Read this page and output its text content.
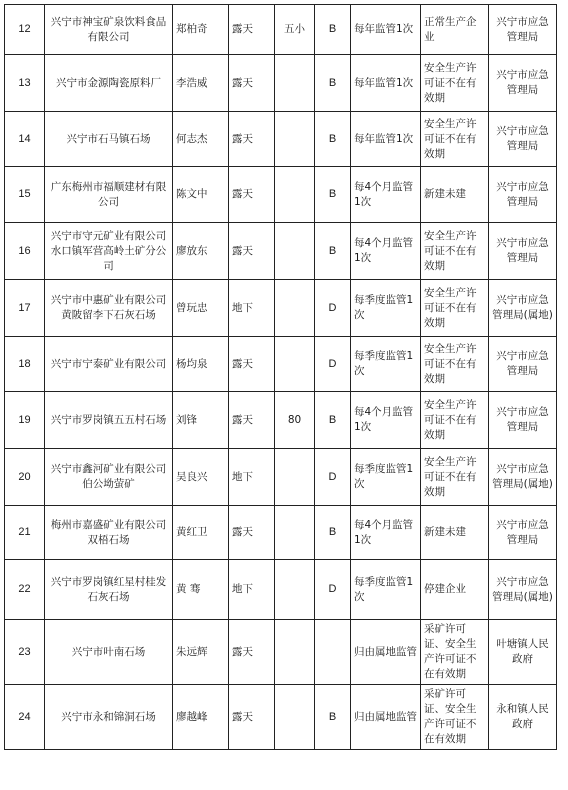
12	兴宁市神宝矿泉饮料食品有限公司	郑柏奇	露天	五小	B	每年监管1次	正常生产企业	兴宁市应急管理局
13	兴宁市金源陶瓷原料厂	李浩威	露天		B	每年监管1次	安全生产许可证不在有效期	兴宁市应急管理局
14	兴宁市石马镇石场	何志杰	露天		B	每年监管1次	安全生产许可证不在有效期	兴宁市应急管理局
15	广东梅州市福顺建材有限公司	陈文中	露天		B	每4个月监管1次	新建未建	兴宁市应急管理局
16	兴宁市守元矿业有限公司水口镇军营高岭土矿分公司	廖放东	露天		B	每4个月监管1次	安全生产许可证不在有效期	兴宁市应急管理局
17	兴宁市中惠矿业有限公司黄陂留李下石灰石场	曾玩忠	地下		D	每季度监管1次	安全生产许可证不在有效期	兴宁市应急管理局(属地)
18	兴宁市宁泰矿业有限公司	杨均泉	露天		D	每季度监管1次	安全生产许可证不在有效期	兴宁市应急管理局
19	兴宁市罗岗镇五五村石场	刘锋	露天	80	B	每4个月监管1次	安全生产许可证不在有效期	兴宁市应急管理局
20	兴宁市鑫河矿业有限公司伯公坳萤矿	吴良兴	地下		D	每季度监管1次	安全生产许可证不在有效期	兴宁市应急管理局(属地)
21	梅州市嘉盛矿业有限公司双梧石场	黄红卫	露天		B	每4个月监管1次	新建未建	兴宁市应急管理局
22	兴宁市罗岗镇红星村桂发石灰石场	黄 骞	地下		D	每季度监管1次	停建企业	兴宁市应急管理局(属地)
23	兴宁市叶南石场	朱远辉	露天			归由属地监管	采矿许可证、安全生产许可证不在有效期	叶塘镇人民政府
24	兴宁市永和锦洞石场	廖越峰	露天		B	归由属地监管	采矿许可证、安全生产许可证不在有效期	永和镇人民政府
